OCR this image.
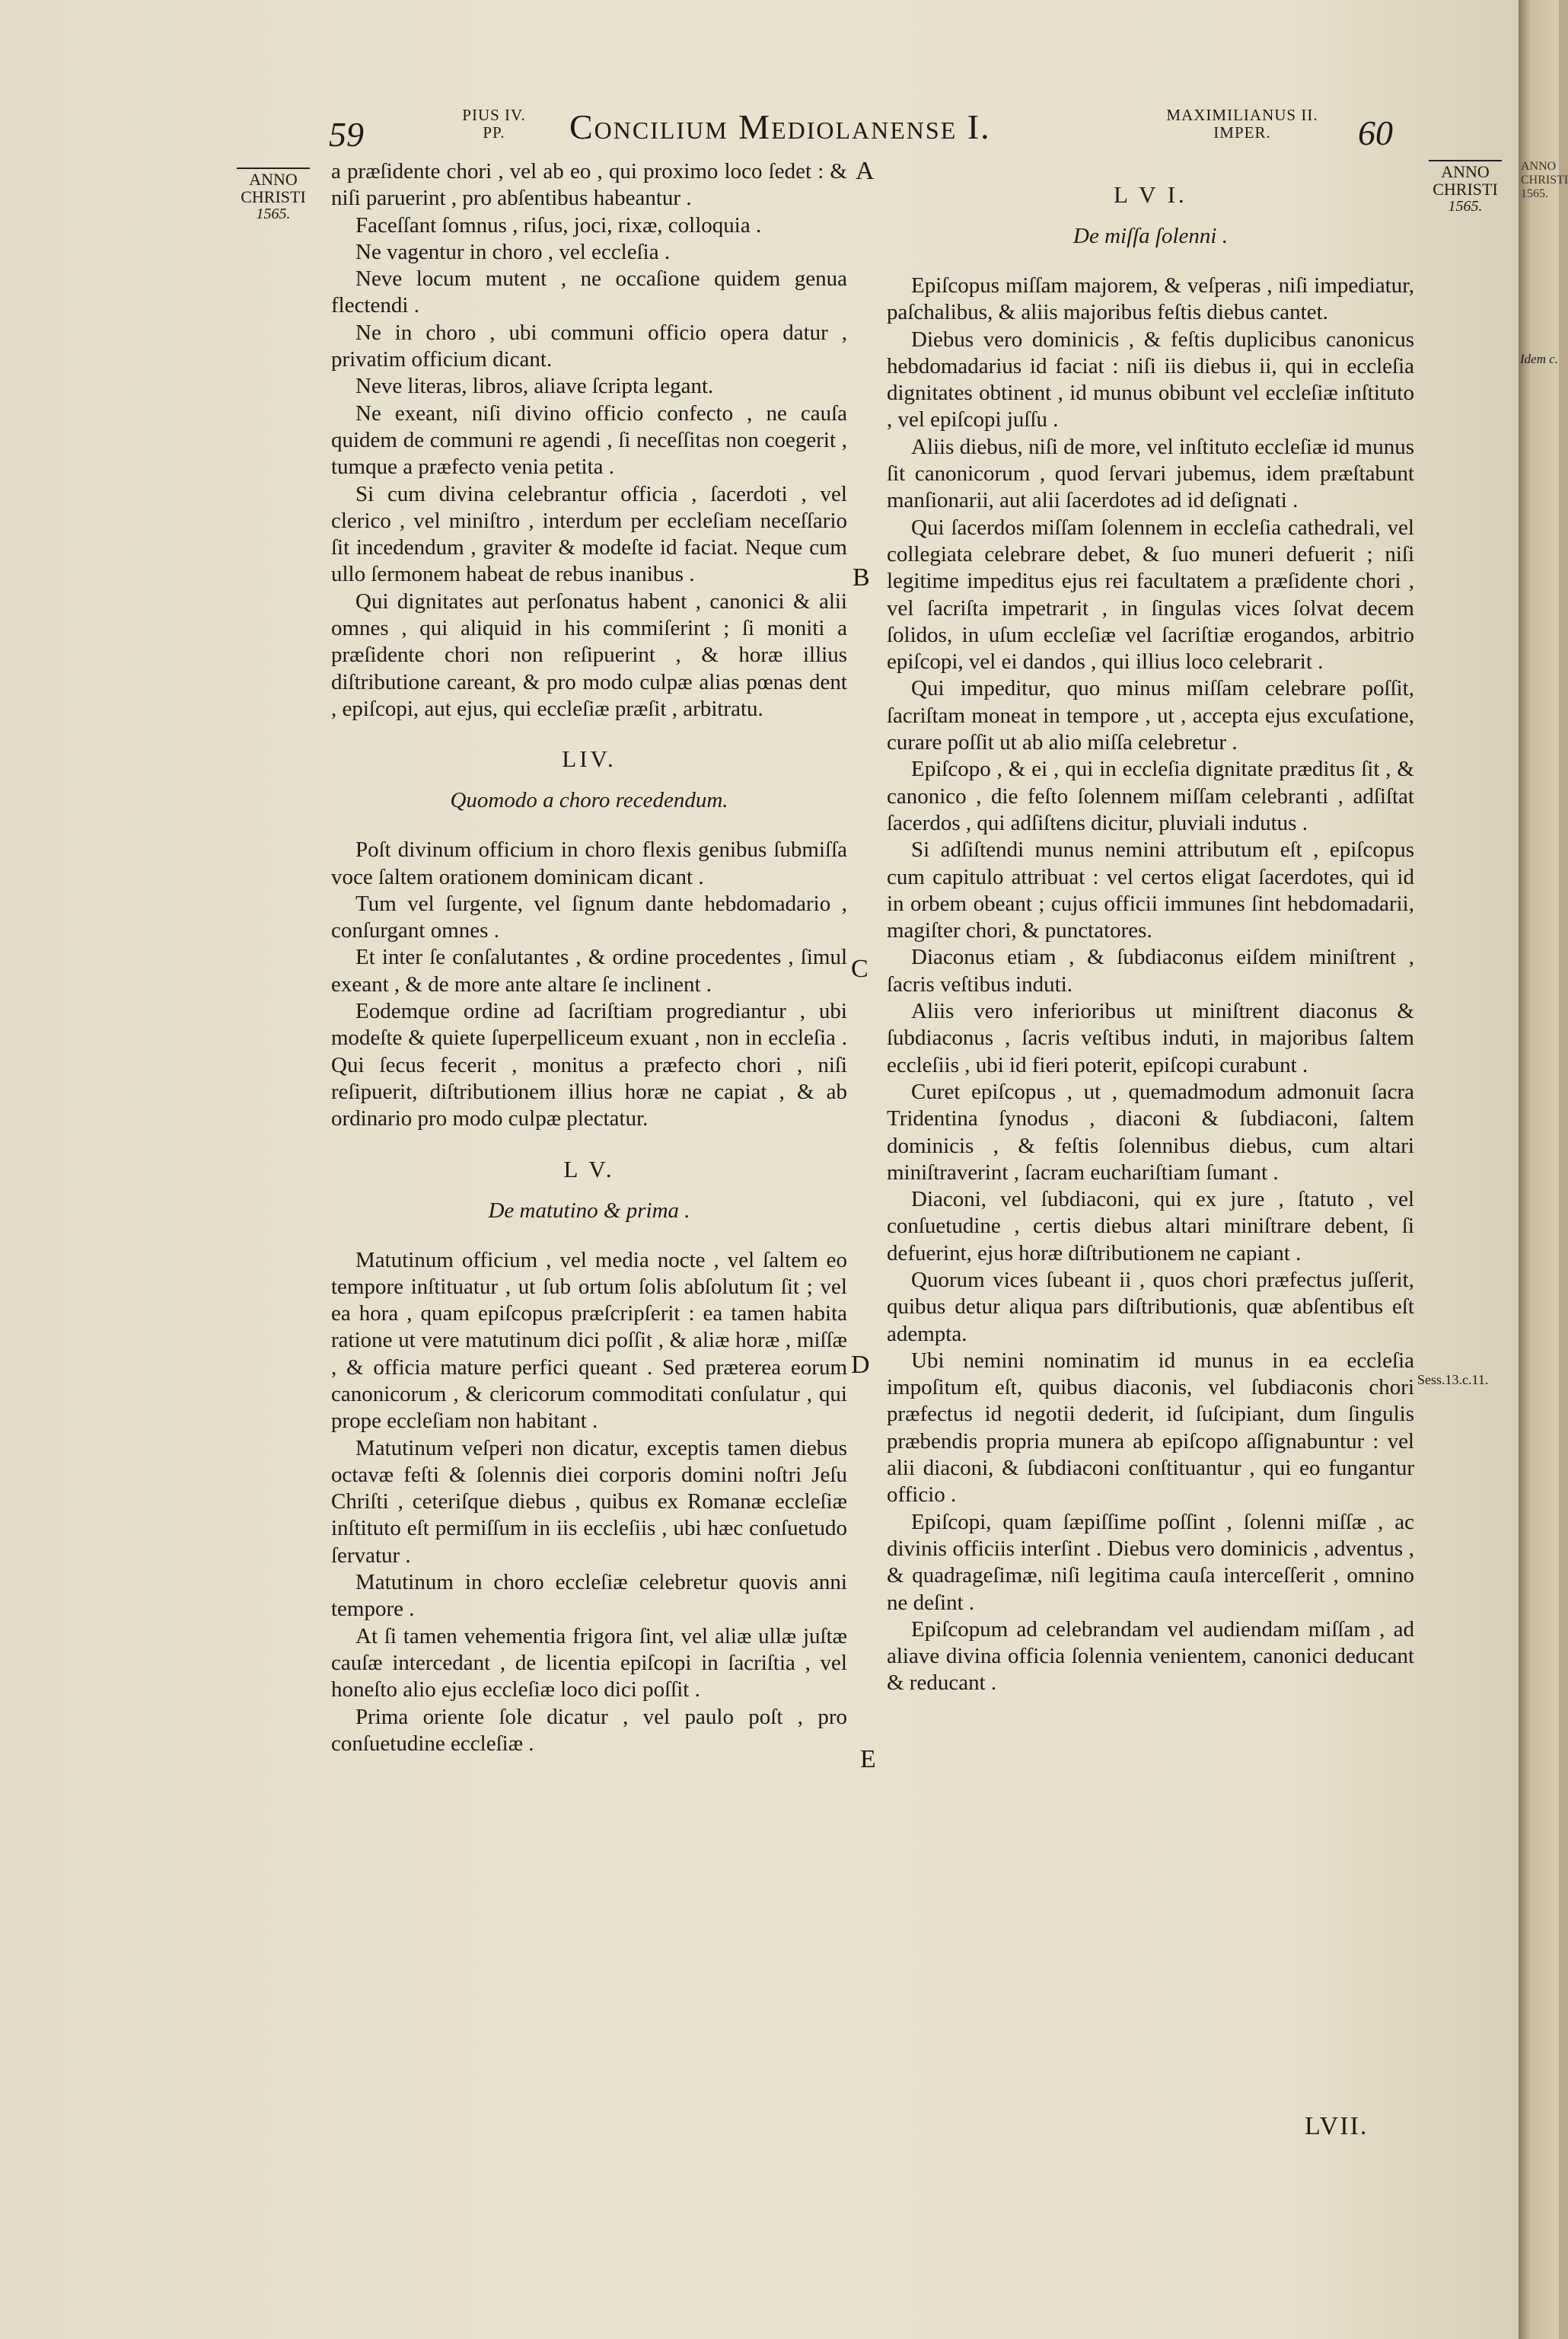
59	PIUS IV.
PP.	Concilium Mediolanense I.	MAXIMILIANUS II.
IMPER.	60
ANNO
CHRISTI
1565.
ANNO
CHRISTI
1565.
Sess.13.c.11.
A
B
C
D
E

a præſidente chori , vel ab eo , qui proximo loco ſedet : & niſi paruerint , pro abſentibus habeantur .

Faceſſant ſomnus , riſus, joci, rixæ, colloquia .

Ne vagentur in choro , vel eccleſia .

Neve locum mutent , ne occaſione quidem genua flectendi .

Ne in choro , ubi communi officio opera datur , privatim officium dicant.

Neve literas, libros, aliave ſcripta legant.

Ne exeant, niſi divino officio confecto , ne cauſa quidem de communi re agendi , ſi neceſſitas non coegerit , tumque a præfecto venia petita .

Si cum divina celebrantur officia , ſacerdoti , vel clerico , vel miniſtro , interdum per eccleſiam neceſſario ſit incedendum , graviter & modeſte id faciat. Neque cum ullo ſermonem habeat de rebus inanibus .

Qui dignitates aut perſonatus habent , canonici & alii omnes , qui aliquid in his commiſerint ; ſi moniti a præſidente chori non reſipuerint , & horæ illius diſtributione careant, & pro modo culpæ alias pœnas dent , epiſcopi, aut ejus, qui eccleſiæ præſit , arbitratu.

LIV.
Quomodo a choro recedendum.

Poſt divinum officium in choro flexis genibus ſubmiſſa voce ſaltem orationem dominicam dicant .

Tum vel ſurgente, vel ſignum dante hebdomadario , conſurgant omnes .

Et inter ſe conſalutantes , & ordine procedentes , ſimul exeant , & de more ante altare ſe inclinent .

Eodemque ordine ad ſacriſtiam progrediantur , ubi modeſte & quiete ſuperpelliceum exuant , non in eccleſia . Qui ſecus fecerit , monitus a præfecto chori , niſi reſipuerit, diſtributionem illius horæ ne capiat , & ab ordinario pro modo culpæ plectatur.

L V.
De matutino & prima .

Matutinum officium , vel media nocte , vel ſaltem eo tempore inſtituatur , ut ſub ortum ſolis abſolutum ſit ; vel ea hora , quam epiſcopus præſcripſerit : ea tamen habita ratione ut vere matutinum dici poſſit , & aliæ horæ , miſſæ , & officia mature perfici queant . Sed præterea eorum canonicorum , & clericorum commoditati conſulatur , qui prope eccleſiam non habitant .

Matutinum veſperi non dicatur, exceptis tamen diebus octavæ feſti & ſolennis diei corporis domini noſtri Jeſu Chriſti , ceteriſque diebus , quibus ex Romanæ eccleſiæ inſtituto eſt permiſſum in iis eccleſiis , ubi hæc conſuetudo ſervatur .

Matutinum in choro eccleſiæ celebretur quovis anni tempore .

At ſi tamen vehementia frigora ſint, vel aliæ ullæ juſtæ cauſæ intercedant , de licentia epiſcopi in ſacriſtia , vel honeſto alio ejus eccleſiæ loco dici poſſit .

Prima oriente ſole dicatur , vel paulo poſt , pro conſuetudine eccleſiæ .

L V I.
De miſſa ſolenni .

Epiſcopus miſſam majorem, & veſperas , niſi impediatur, paſchalibus, & aliis majoribus feſtis diebus cantet.

Diebus vero dominicis , & feſtis duplicibus canonicus hebdomadarius id faciat : niſi iis diebus ii, qui in eccleſia dignitates obtinent , id munus obibunt vel eccleſiæ inſtituto , vel epiſcopi juſſu .

Aliis diebus, niſi de more, vel inſtituto eccleſiæ id munus ſit canonicorum , quod ſervari jubemus, idem præſtabunt manſionarii, aut alii ſacerdotes ad id deſignati .

Qui ſacerdos miſſam ſolennem in eccleſia cathedrali, vel collegiata celebrare debet, & ſuo muneri defuerit ; niſi legitime impeditus ejus rei facultatem a præſidente chori , vel ſacriſta impetrarit , in ſingulas vices ſolvat decem ſolidos, in uſum eccleſiæ vel ſacriſtiæ erogandos, arbitrio epiſcopi, vel ei dandos , qui illius loco celebrarit .

Qui impeditur, quo minus miſſam celebrare poſſit, ſacriſtam moneat in tempore , ut , accepta ejus excuſatione, curare poſſit ut ab alio miſſa celebretur .

Epiſcopo , & ei , qui in eccleſia dignitate præditus ſit , & canonico , die feſto ſolennem miſſam celebranti , adſiſtat ſacerdos , qui adſiſtens dicitur, pluviali indutus .

Si adſiſtendi munus nemini attributum eſt , epiſcopus cum capitulo attribuat : vel certos eligat ſacerdotes, qui id in orbem obeant ; cujus officii immunes ſint hebdomadarii, magiſter chori, & punctatores.

Diaconus etiam , & ſubdiaconus eiſdem miniſtrent , ſacris veſtibus induti.

Aliis vero inferioribus ut miniſtrent diaconus & ſubdiaconus , ſacris veſtibus induti, in majoribus ſaltem eccleſiis , ubi id fieri poterit, epiſcopi curabunt .

Curet epiſcopus , ut , quemadmodum admonuit ſacra Tridentina ſynodus , diaconi & ſubdiaconi, ſaltem dominicis , & feſtis ſolennibus diebus, cum altari miniſtraverint , ſacram euchariſtiam ſumant .

Diaconi, vel ſubdiaconi, qui ex jure , ſtatuto , vel conſuetudine , certis diebus altari miniſtrare debent, ſi defuerint, ejus horæ diſtributionem ne capiant .

Quorum vices ſubeant ii , quos chori præfectus juſſerit, quibus detur aliqua pars diſtributionis, quæ abſentibus eſt adempta.

Ubi nemini nominatim id munus in ea eccleſia impoſitum eſt, quibus diaconis, vel ſubdiaconis chori præfectus id negotii dederit, id ſuſcipiant, dum ſingulis præbendis propria munera ab epiſcopo aſſignabuntur : vel alii diaconi, & ſubdiaconi conſtituantur , qui eo fungantur officio .

Epiſcopi, quam ſæpiſſime poſſint , ſolenni miſſæ , ac divinis officiis interſint . Diebus vero dominicis , adventus , & quadrageſimæ, niſi legitima cauſa interceſſerit , omnino ne deſint .

Epiſcopum ad celebrandam vel audiendam miſſam , ad aliave divina officia ſolennia venientem, canonici deducant & reducant .

LVII.
ANNO
CHRISTI
1565.
Idem c.
